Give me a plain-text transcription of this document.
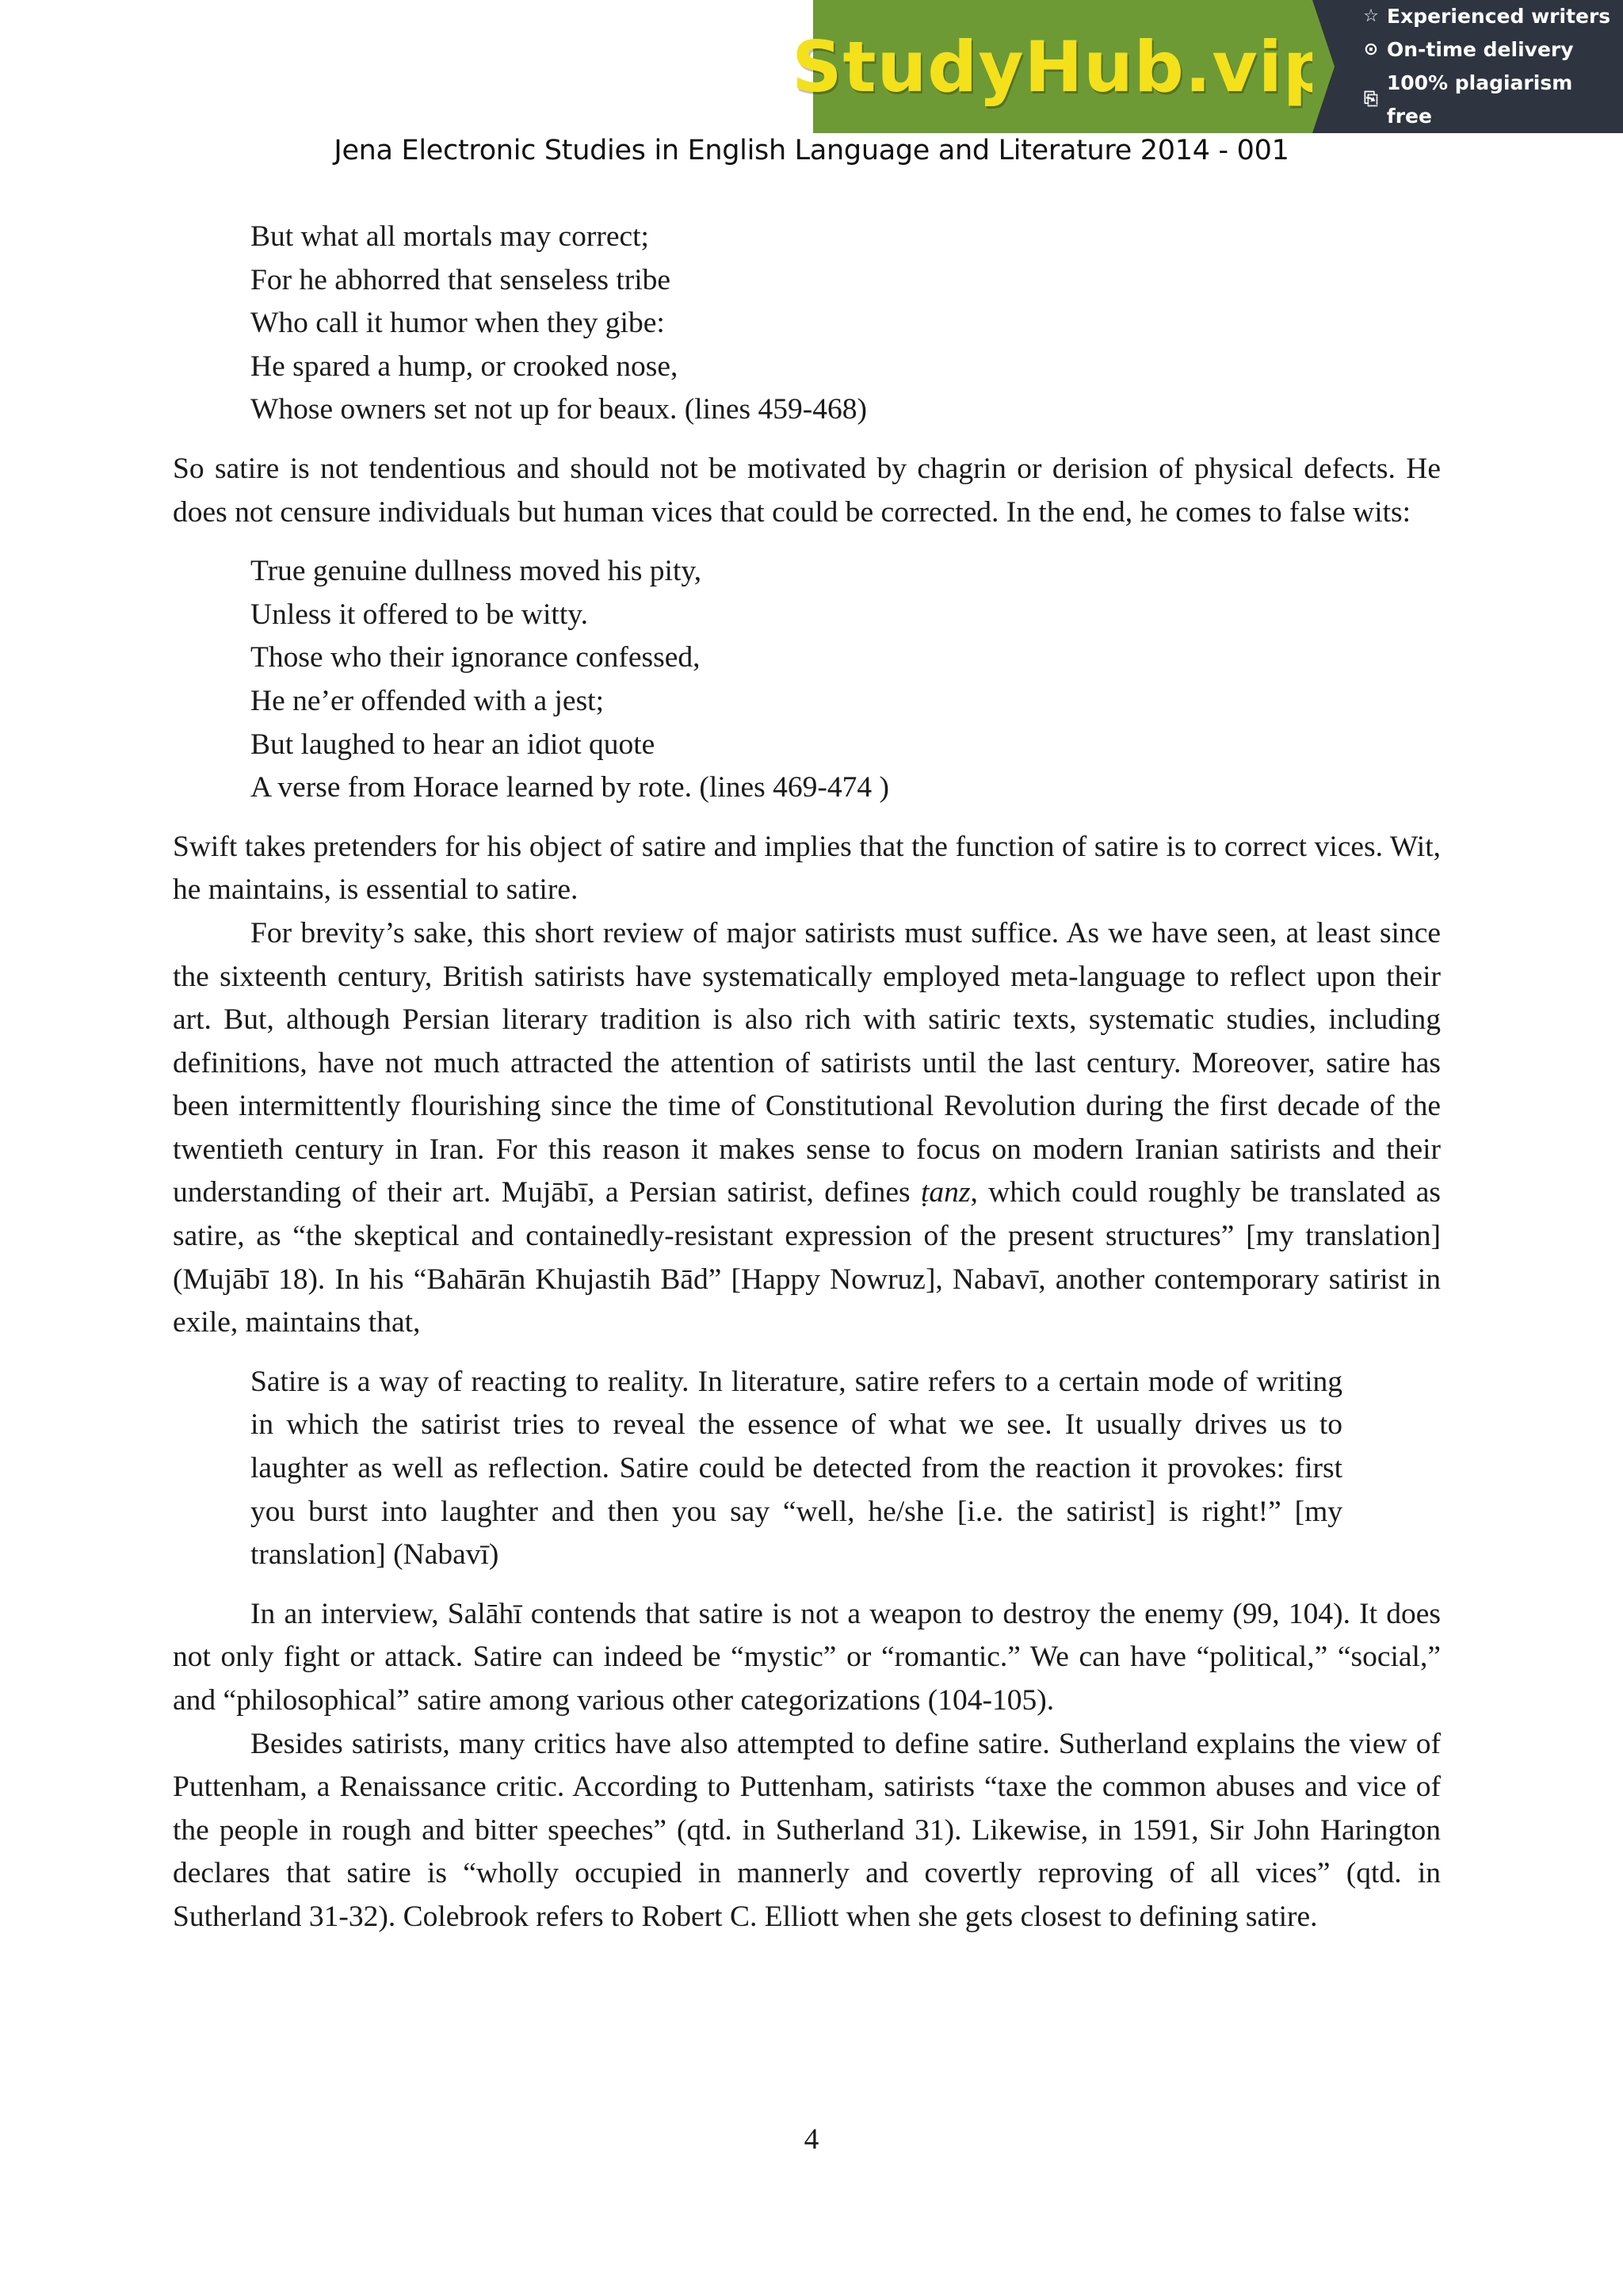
StudyHub.vip
☆ Experienced writers
⊙ On-time delivery
⎘
100% plagiarism free
Jena Electronic Studies in English Language and Literature 2014 - 001
But what all mortals may correct;
For he abhorred that senseless tribe
Who call it humor when they gibe:
He spared a hump, or crooked nose,
Whose owners set not up for beaux. (lines 459-468)

So satire is not tendentious and should not be motivated by chagrin or derision of physical defects. He does not censure individuals but human vices that could be corrected. In the end, he comes to false wits:

True genuine dullness moved his pity,
Unless it offered to be witty.
Those who their ignorance confessed,
He ne’er offended with a jest;
But laughed to hear an idiot quote
A verse from Horace learned by rote. (lines 469-474 )

Swift takes pretenders for his object of satire and implies that the function of satire is to correct vices. Wit, he maintains, is essential to satire.

For brevity’s sake, this short review of major satirists must suffice. As we have seen, at least since the sixteenth century, British satirists have systematically employed meta-language to reflect upon their art. But, although Persian literary tradition is also rich with satiric texts, systematic studies, including definitions, have not much attracted the attention of satirists until the last century. Moreover, satire has been intermittently flourishing since the time of Constitutional Revolution during the first decade of the twentieth century in Iran. For this reason it makes sense to focus on modern Iranian satirists and their understanding of their art. Mujābī, a Persian satirist, defines ṭanz, which could roughly be translated as satire, as “the skeptical and containedly-resistant expression of the present structures” [my translation] (Mujābī 18). In his “Bahārān Khujastih Bād” [Happy Nowruz], Nabavī, another contemporary satirist in exile, maintains that,

Satire is a way of reacting to reality. In literature, satire refers to a certain mode of writing in which the satirist tries to reveal the essence of what we see. It usually drives us to laughter as well as reflection. Satire could be detected from the reaction it provokes: first you burst into laughter and then you say “well, he/she [i.e. the satirist] is right!” [my translation] (Nabavī)

In an interview, Salāhī contends that satire is not a weapon to destroy the enemy (99, 104). It does not only fight or attack. Satire can indeed be “mystic” or “romantic.” We can have “political,” “social,” and “philosophical” satire among various other categorizations (104-105).

Besides satirists, many critics have also attempted to define satire. Sutherland explains the view of Puttenham, a Renaissance critic. According to Puttenham, satirists “taxe the common abuses and vice of the people in rough and bitter speeches” (qtd. in Sutherland 31). Likewise, in 1591, Sir John Harington declares that satire is “wholly occupied in mannerly and covertly reproving of all vices” (qtd. in Sutherland 31-32). Colebrook refers to Robert C. Elliott when she gets closest to defining satire.

4
